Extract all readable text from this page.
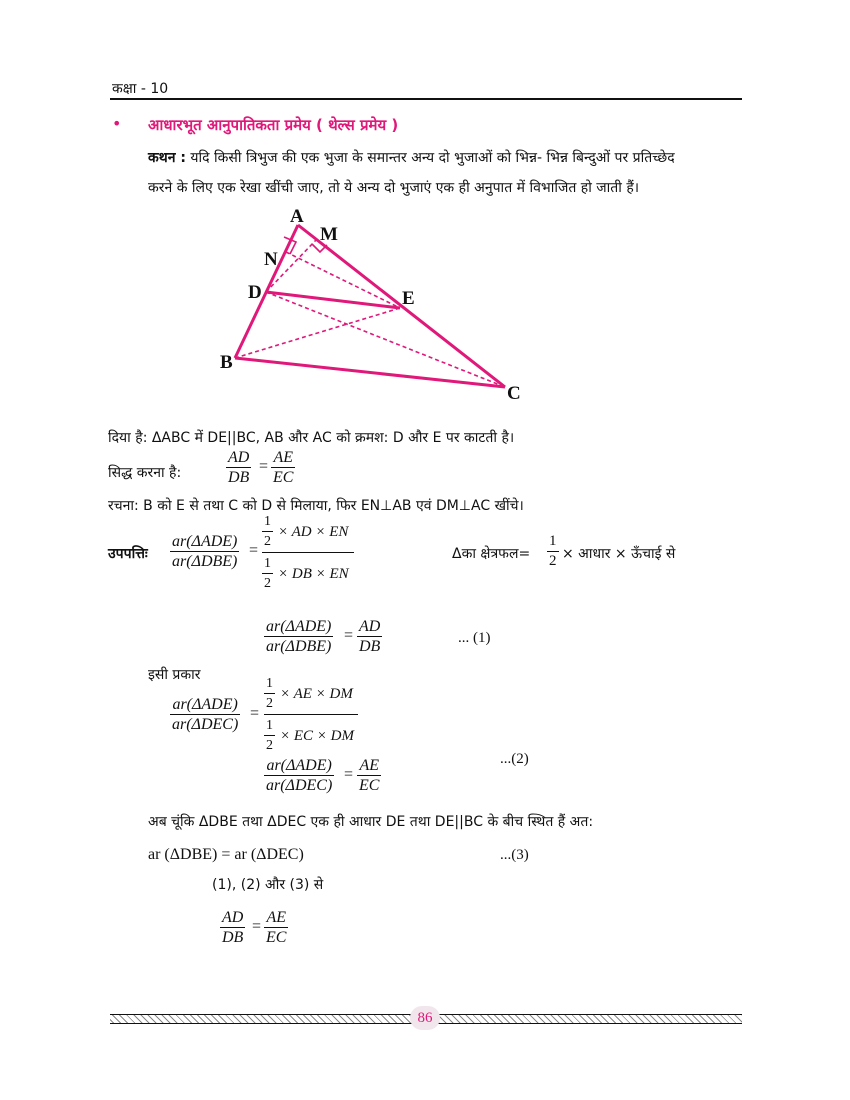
कक्षा - 10
• आधारभूत आनुपातिकता प्रमेय ( थेल्स प्रमेय )
कथन : यदि किसी त्रिभुज की एक भुजा के समान्तर अन्य दो भुजाओं को भिन्न- भिन्न बिन्दुओं पर प्रतिच्छेद
करने के लिए एक रेखा खींची जाए, तो ये अन्य दो भुजाएं एक ही अनुपात में विभाजित हो जाती हैं।
A
M
N
D	E
B
C
दिया है: ΔABC में DE||BC, AB और AC को क्रमश: D और E पर काटती है।
सिद्ध करना है:	$\frac{AD}{DB} = \frac{AE}{EC}$
रचना: B को E से तथा C को D से मिलाया, फिर EN⊥AB एवं DM⊥AC खींचे।
उपपत्तिः
ar(ΔADE)
ar(ΔDBE)
= $\frac{1}{2}$ × AD × EN
$\frac{1}{2}$ × DB × EN
Δका क्षेत्रफल= $\frac{1}{2}$ × आधार × ऊँचाई से
ar(ΔADE)
ar(ΔDBE)
= $\frac{AD}{DB}$	... (1)
इसी प्रकार
ar(ΔADE)
ar(ΔDEC)
=
$\frac{1}{2}$ × AE × DM
$\frac{1}{2}$ × EC × DM
ar(ΔADE)
ar(ΔDEC)
= $\frac{AE}{EC}$	...(2)
अब चूंकि ΔDBE तथा ΔDEC एक ही आधार DE तथा DE||BC के बीच स्थित हैं अत:
ar (ΔDBE) = ar (ΔDEC)	...(3)
(1), (2) और (3) से
$\frac{AD}{DB} = \frac{AE}{EC}$
86
